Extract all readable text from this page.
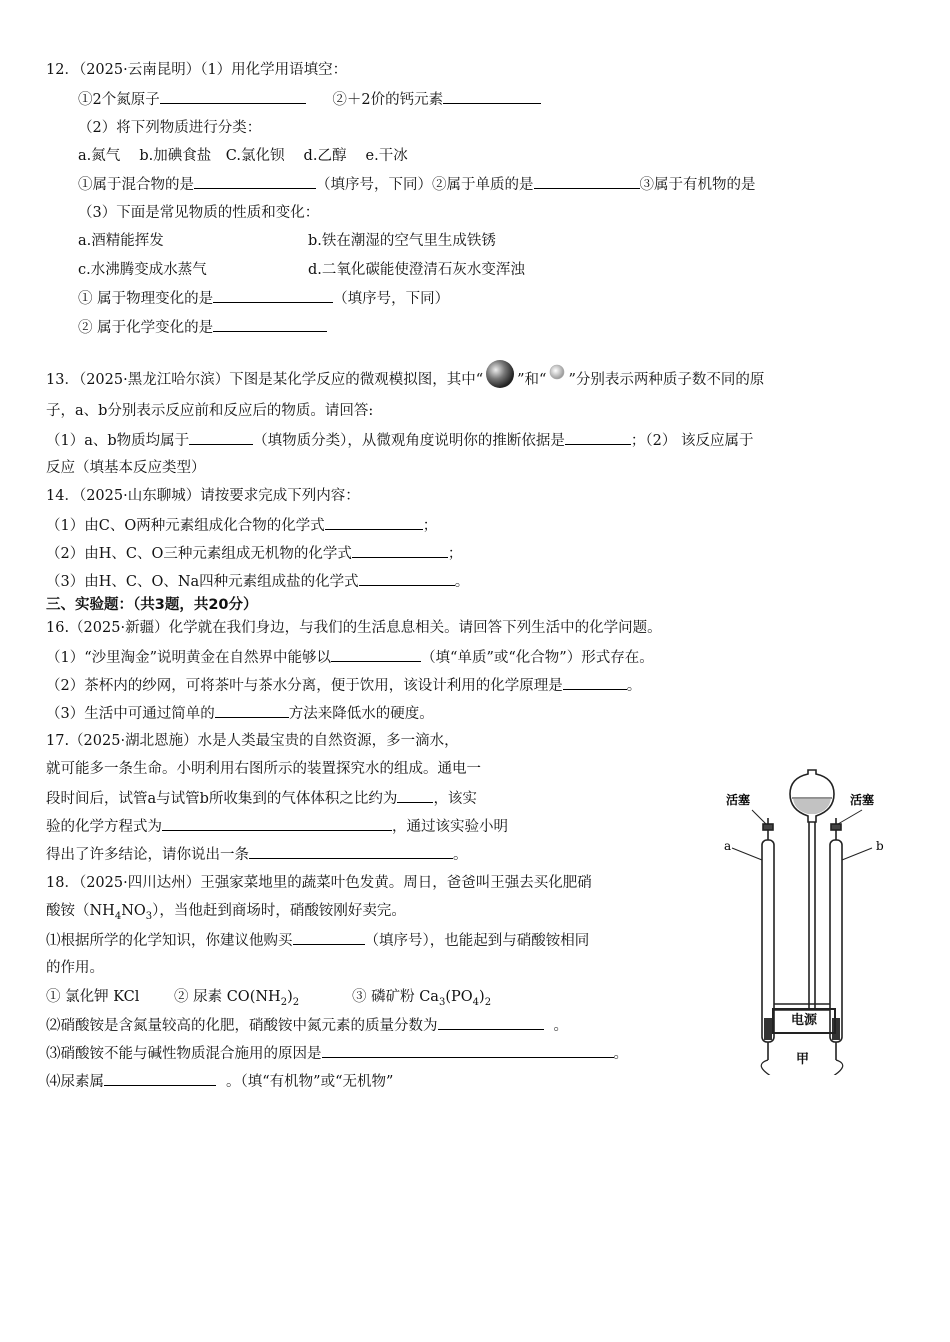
12．（2025·云南昆明）（1）用化学用语填空：
①2个氮原子	②＋2价的钙元素
（2）将下列物质进行分类：
a.氮气　 b.加碘食盐　C.氯化钡　 d.乙醇　 e.干冰
①属于混合物的是	（填序号，下同）②属于单质的是	③属于有机物的是
（3）下面是常见物质的性质和变化：
a.酒精能挥发	b.铁在潮湿的空气里生成铁锈
c.水沸腾变成水蒸气	d.二氧化碳能使澄清石灰水变浑浊
① 属于物理变化的是	（填序号，下同）
② 属于化学变化的是
13．（2025·黑龙江哈尔滨）下图是某化学反应的微观模拟图，其中“ ”和“ ”分别表示两种质子数不同的原
子，a、b分别表示反应前和反应后的物质。请回答:
（1）a、b物质均属于	（填物质分类），从微观角度说明你的推断依据是	；（2） 该反应属于
反应（填基本反应类型）
14．（2025·山东聊城）请按要求完成下列内容：
（1）由C、O两种元素组成化合物的化学式	；
（2）由H、C、O三种元素组成无机物的化学式	；
（3）由H、C、O、Na四种元素组成盐的化学式	。
三、实验题：（共3题，共20分）
16.（2025·新疆）化学就在我们身边，与我们的生活息息相关。请回答下列生活中的化学问题。
（1）“沙里淘金”说明黄金在自然界中能够以	（填“单质”或“化合物”）形式存在。
（2）茶杯内的纱网，可将茶叶与茶水分离，便于饮用，该设计利用的化学原理是	。
（3）生活中可通过简单的	方法来降低水的硬度。
17.（2025·湖北恩施）水是人类最宝贵的自然资源，多一滴水，
就可能多一条生命。小明利用右图所示的装置探究水的组成。通电一
段时间后，试管a与试管b所收集到的气体体积之比约为 ，该实
验的化学方程式为	，通过该实验小明
得出了许多结论，请你说出一条	。
18．（2025·四川达州）王强家菜地里的蔬菜叶色发黄。周日，爸爸叫王强去买化肥硝
酸铵$(NH_4NO_3)$，当他赶到商场时，硝酸铵刚好卖完。
⑴根据所学的化学知识，你建议他购买	（填序号），也能起到与硝酸铵相同
的作用。
① 氯化钾 KCl ② 尿素 $CO(NH_2)_2$	③ 磷矿粉 $Ca_3(PO_4)_2$
⑵硝酸铵是含氮量较高的化肥，硝酸铵中氮元素的质量分数为	。
⑶硝酸铵不能与碱性物质混合施用的原因是	。
⑷尿素属	。（填“有机物”或“无机物”
活塞	活塞
a	b
电源
甲
